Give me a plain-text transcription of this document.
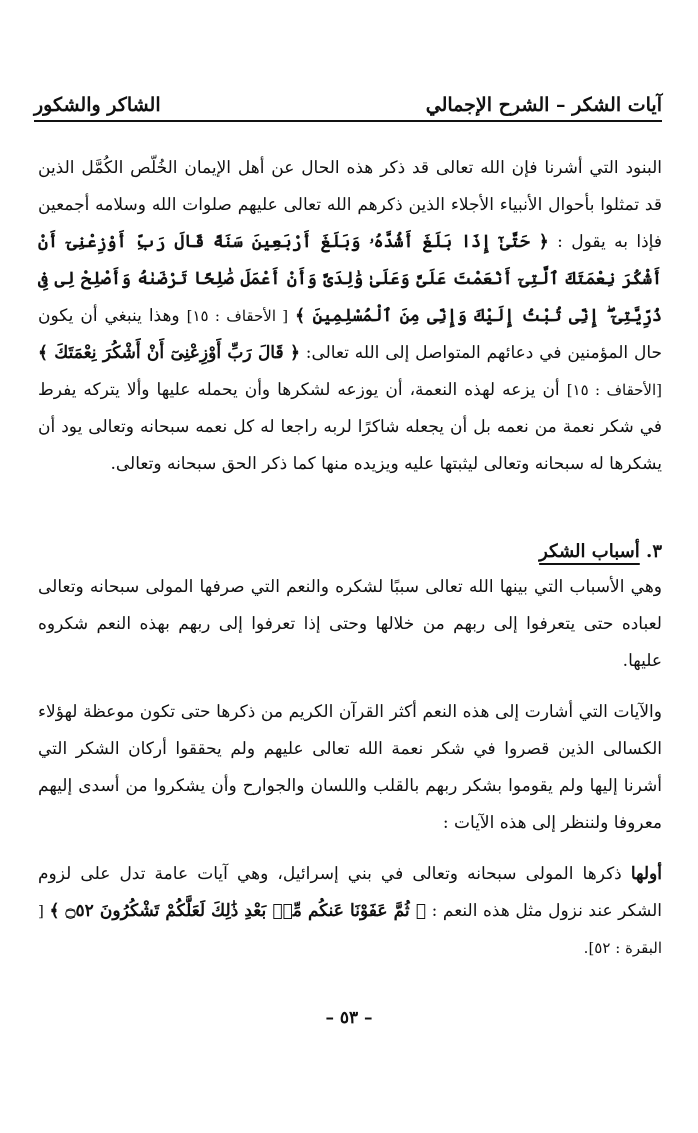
آيات الشكر – الشرح الإجمالي
الشاكر والشكور

البنود التي أشرنا فإن الله تعالى قد ذكر هذه الحال عن أهل الإيمان الخُلّص الكُمَّل الذين قد تمثلوا بأحوال الأنبياء الأجلاء الذين ذكرهم الله تعالى عليهم صلوات الله وسلامه أجمعين فإذا به يقول : ﴿ حَتَّىٰٓ إِذَا بَلَغَ أَشُدَّهُۥ وَبَلَغَ أَرْبَعِينَ سَنَةً قَالَ رَبِّ أَوْزِعْنِىٓ أَنْ أَشْكُرَ نِعْمَتَكَ ٱلَّتِىٓ أَنْعَمْتَ عَلَىَّ وَعَلَىٰ وَٰلِدَىَّ وَأَنْ أَعْمَلَ صَٰلِحًا تَرْضَىٰهُ وَأَصْلِحْ لِى فِى ذُرِّيَّتِىٓ ۖ إِنِّى تُبْتُ إِلَيْكَ وَإِنِّى مِنَ ٱلْمُسْلِمِينَ ﴾ [ الأحقاف : ١٥] وهذا ينبغي أن يكون حال المؤمنين في دعائهم المتواصل إلى الله تعالى: ﴿ قَالَ رَبِّ أَوْزِعْنِىٓ أَنْ أَشْكُرَ نِعْمَتَكَ ﴾ [الأحقاف : ١٥] أن يزعه لهذه النعمة، أن يوزعه لشكرها وأن يحمله عليها وألا يتركه يفرط في شكر نعمة من نعمه بل أن يجعله شاكرًا لربه راجعا له كل نعمه سبحانه وتعالى يود أن يشكرها له سبحانه وتعالى ليثبتها عليه ويزيده منها كما ذكر الحق سبحانه وتعالى.

٣. أسباب الشكر

وهي الأسباب التي بينها الله تعالى سببًا لشكره والنعم التي صرفها المولى سبحانه وتعالى لعباده حتى يتعرفوا إلى ربهم من خلالها وحتى إذا تعرفوا إلى ربهم بهذه النعم شكروه عليها.

والآيات التي أشارت إلى هذه النعم أكثر القرآن الكريم من ذكرها حتى تكون موعظة لهؤلاء الكسالى الذين قصروا في شكر نعمة الله تعالى عليهم ولم يحققوا أركان الشكر التي أشرنا إليها ولم يقوموا بشكر ربهم بالقلب واللسان والجوارح وأن يشكروا من أسدى إليهم معروفا ولننظر إلى هذه الآيات :

أولها ذكرها المولى سبحانه وتعالى في بني إسرائيل، وهي آيات عامة تدل على لزوم الشكر عند نزول مثل هذه النعم : ﴿ ثُمَّ عَفَوْنَا عَنكُم مِّنۢ بَعْدِ ذَٰلِكَ لَعَلَّكُمْ تَشْكُرُونَ ۝٥٢ ﴾ [ البقرة : ٥٢].

– ٥٣ –
